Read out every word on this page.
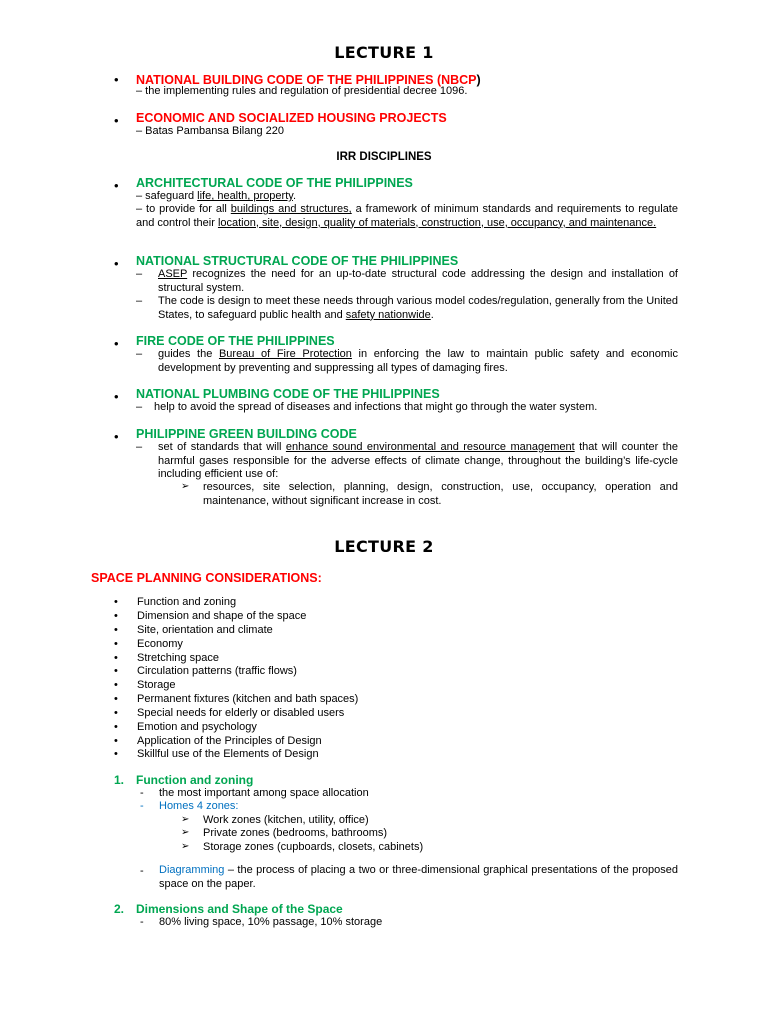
LECTURE 1
• NATIONAL BUILDING CODE OF THE PHILIPPINES (NBCP)
– the implementing rules and regulation of presidential decree 1096.
• ECONOMIC AND SOCIALIZED HOUSING PROJECTS
– Batas Pambansa Bilang 220
IRR DISCIPLINES
• ARCHITECTURAL CODE OF THE PHILIPPINES
– safeguard life, health, property.
– to provide for all buildings and structures, a framework of minimum standards and requirements to regulate and control their location, site, design, quality of materials, construction, use, occupancy, and maintenance.
• NATIONAL STRUCTURAL CODE OF THE PHILIPPINES
– ASEP recognizes the need for an up-to-date structural code addressing the design and installation of structural system.
– The code is design to meet these needs through various model codes/regulation, generally from the United States, to safeguard public health and safety nationwide.
• FIRE CODE OF THE PHILIPPINES
– guides the Bureau of Fire Protection in enforcing the law to maintain public safety and economic development by preventing and suppressing all types of damaging fires.
• NATIONAL PLUMBING CODE OF THE PHILIPPINES
– help to avoid the spread of diseases and infections that might go through the water system.
• PHILIPPINE GREEN BUILDING CODE
– set of standards that will enhance sound environmental and resource management that will counter the harmful gases responsible for the adverse effects of climate change, throughout the building’s life-cycle including efficient use of:
➢ resources, site selection, planning, design, construction, use, occupancy, operation and maintenance, without significant increase in cost.
LECTURE 2
SPACE PLANNING CONSIDERATIONS:
• Function and zoning
• Dimension and shape of the space
• Site, orientation and climate
• Economy
• Stretching space
• Circulation patterns (traffic flows)
• Storage
• Permanent fixtures (kitchen and bath spaces)
• Special needs for elderly or disabled users
• Emotion and psychology
• Application of the Principles of Design
• Skillful use of the Elements of Design
1. Function and zoning
- the most important among space allocation
- Homes 4 zones:
➢ Work zones (kitchen, utility, office)
➢ Private zones (bedrooms, bathrooms)
➢ Storage zones (cupboards, closets, cabinets)
- Diagramming – the process of placing a two or three-dimensional graphical presentations of the proposed space on the paper.
2. Dimensions and Shape of the Space
- 80% living space, 10% passage, 10% storage
